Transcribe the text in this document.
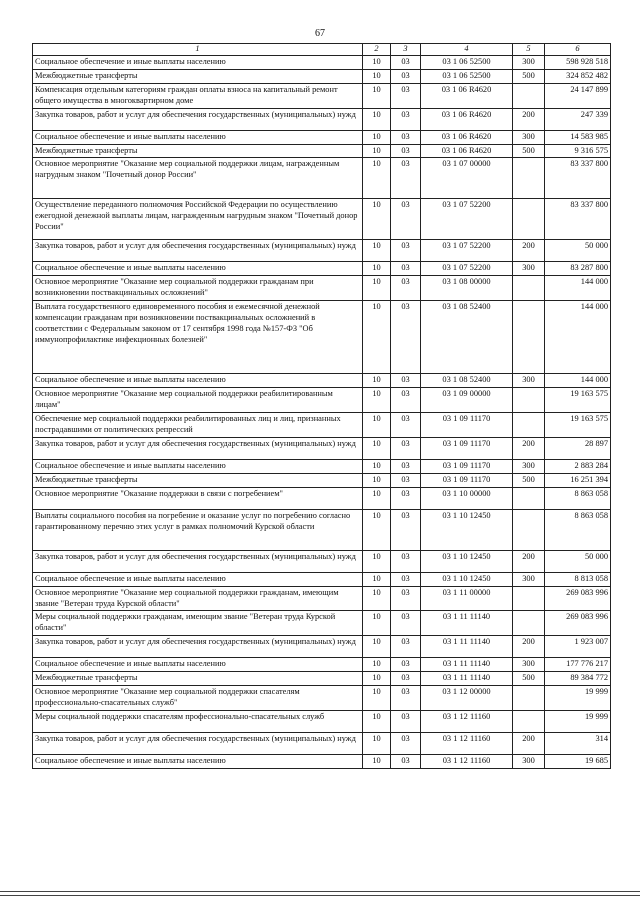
67
1	2	3	4	5	6
Социальное обеспечение и иные выплаты населению	10	03	03 1 06 52500	300	598 928 518
Межбюджетные трансферты	10	03	03 1 06 52500	500	324 852 482
Компенсация отдельным категориям граждан оплаты взноса на капитальный ремонт общего имущества в многоквартирном доме	10	03	03 1 06 R4620		24 147 899
Закупка товаров, работ и услуг для обеспечения государственных (муниципальных) нужд	10	03	03 1 06 R4620	200	247 339
Социальное обеспечение и иные выплаты населению	10	03	03 1 06 R4620	300	14 583 985
Межбюджетные трансферты	10	03	03 1 06 R4620	500	9 316 575
Основное мероприятие "Оказание мер социальной поддержки лицам, награжденным нагрудным знаком "Почетный донор России"	10	03	03 1 07 00000		83 337 800
Осуществление переданного полномочия Российской Федерации по осуществлению ежегодной денежной выплаты лицам, награжденным нагрудным знаком "Почетный донор России"	10	03	03 1 07 52200		83 337 800
Закупка товаров, работ и услуг для обеспечения государственных (муниципальных) нужд	10	03	03 1 07 52200	200	50 000
Социальное обеспечение и иные выплаты населению	10	03	03 1 07 52200	300	83 287 800
Основное мероприятие "Оказание мер социальной поддержки гражданам при возникновении поствакцинальных осложнений"	10	03	03 1 08 00000		144 000
Выплата государственного единовременного пособия и ежемесячной денежной компенсации гражданам при возникновении поствакцинальных осложнений в соответствии с Федеральным законом от 17 сентября 1998 года №157-ФЗ "Об иммунопрофилактике инфекционных болезней"	10	03	03 1 08 52400		144 000
Социальное обеспечение и иные выплаты населению	10	03	03 1 08 52400	300	144 000
Основное мероприятие "Оказание мер социальной поддержки реабилитированным лицам"	10	03	03 1 09 00000		19 163 575
Обеспечение мер социальной поддержки реабилитированных лиц и лиц, признанных пострадавшими от политических репрессий	10	03	03 1 09 11170		19 163 575
Закупка товаров, работ и услуг для обеспечения государственных (муниципальных) нужд	10	03	03 1 09 11170	200	28 897
Социальное обеспечение и иные выплаты населению	10	03	03 1 09 11170	300	2 883 284
Межбюджетные трансферты	10	03	03 1 09 11170	500	16 251 394
Основное мероприятие "Оказание поддержки в связи с погребением"	10	03	03 1 10 00000		8 863 058
Выплаты социального пособия на погребение и оказание услуг по погребению согласно гарантированному перечню этих услуг в рамках полномочий Курской области	10	03	03 1 10 12450		8 863 058
Закупка товаров, работ и услуг для обеспечения государственных (муниципальных) нужд	10	03	03 1 10 12450	200	50 000
Социальное обеспечение и иные выплаты населению	10	03	03 1 10 12450	300	8 813 058
Основное мероприятие "Оказание мер социальной поддержки гражданам, имеющим звание "Ветеран труда Курской области"	10	03	03 1 11 00000		269 083 996
Меры социальной поддержки гражданам, имеющим звание "Ветеран труда Курской области"	10	03	03 1 11 11140		269 083 996
Закупка товаров, работ и услуг для обеспечения государственных (муниципальных) нужд	10	03	03 1 11 11140	200	1 923 007
Социальное обеспечение и иные выплаты населению	10	03	03 1 11 11140	300	177 776 217
Межбюджетные трансферты	10	03	03 1 11 11140	500	89 384 772
Основное мероприятие "Оказание мер социальной поддержки спасателям профессионально-спасательных служб"	10	03	03 1 12 00000		19 999
Меры социальной поддержки спасателям профессионально-спасательных служб	10	03	03 1 12 11160		19 999
Закупка товаров, работ и услуг для обеспечения государственных (муниципальных) нужд	10	03	03 1 12 11160	200	314
Социальное обеспечение и иные выплаты населению	10	03	03 1 12 11160	300	19 685
